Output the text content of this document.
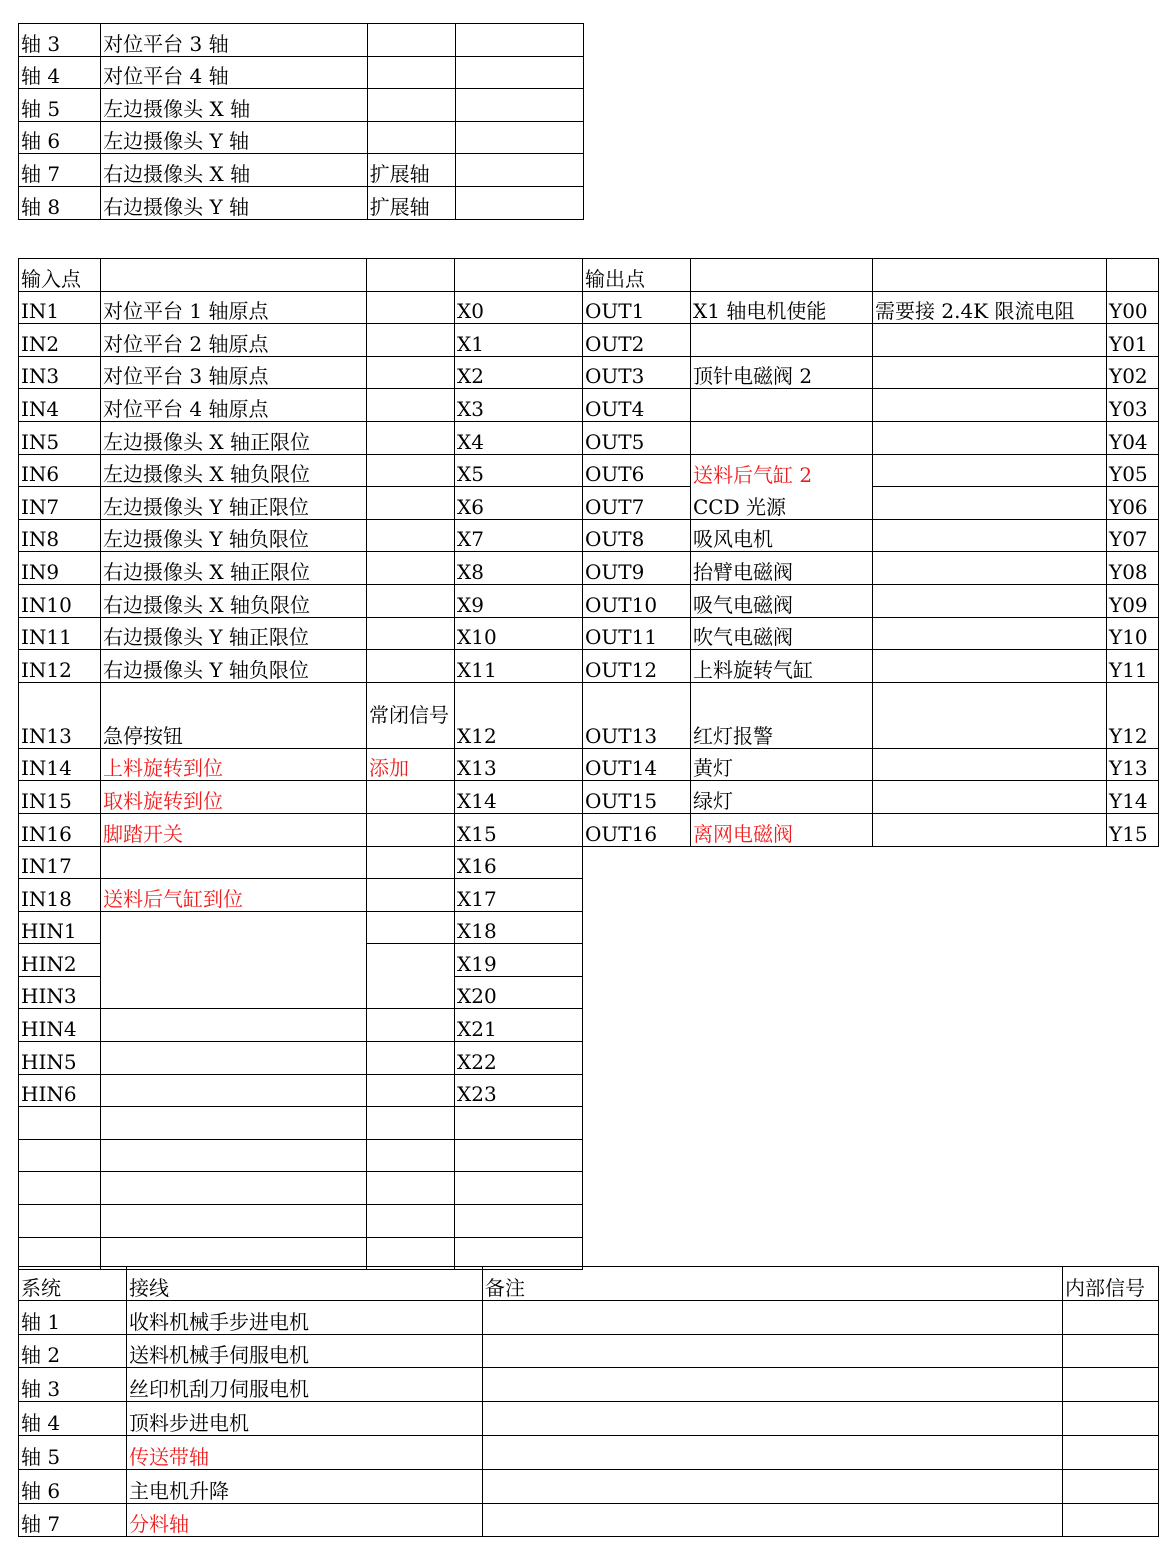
轴 3	对位平台 3 轴		
轴 4	对位平台 4 轴		
轴 5	左边摄像头 X 轴		
轴 6	左边摄像头 Y 轴		
轴 7	右边摄像头 X 轴	扩展轴	
轴 8	右边摄像头 Y 轴	扩展轴	
输入点				输出点			
IN1	对位平台 1 轴原点		X0	OUT1	X1 轴电机使能	需要接 2.4K 限流电阻	Y00
IN2	对位平台 2 轴原点		X1	OUT2			Y01
IN3	对位平台 3 轴原点		X2	OUT3	顶针电磁阀 2		Y02
IN4	对位平台 4 轴原点		X3	OUT4			Y03
IN5	左边摄像头 X 轴正限位		X4	OUT5			Y04
IN6	左边摄像头 X 轴负限位		X5	OUT6	送料后气缸 2		Y05
IN7	左边摄像头 Y 轴正限位		X6	OUT7	CCD 光源		Y06
IN8	左边摄像头 Y 轴负限位		X7	OUT8	吸风电机		Y07
IN9	右边摄像头 X 轴正限位		X8	OUT9	抬臂电磁阀		Y08
IN10	右边摄像头 X 轴负限位		X9	OUT10	吸气电磁阀		Y09
IN11	右边摄像头 Y 轴正限位		X10	OUT11	吹气电磁阀		Y10
IN12	右边摄像头 Y 轴负限位		X11	OUT12	上料旋转气缸		Y11
IN13	急停按钮	常闭信号	X12	OUT13	红灯报警		Y12
IN14	上料旋转到位	添加	X13	OUT14	黄灯		Y13
IN15	取料旋转到位		X14	OUT15	绿灯		Y14
IN16	脚踏开关		X15	OUT16	离网电磁阀		Y15
IN17			X16				
IN18	送料后气缸到位		X17				
HIN1			X18				
HIN2			X19				
HIN3			X20				
HIN4			X21				
HIN5			X22				
HIN6			X23				

系统	接线	备注	内部信号
轴 1	收料机械手步进电机		
轴 2	送料机械手伺服电机		
轴 3	丝印机刮刀伺服电机		
轴 4	顶料步进电机		
轴 5	传送带轴		
轴 6	主电机升降		
轴 7	分料轴		
